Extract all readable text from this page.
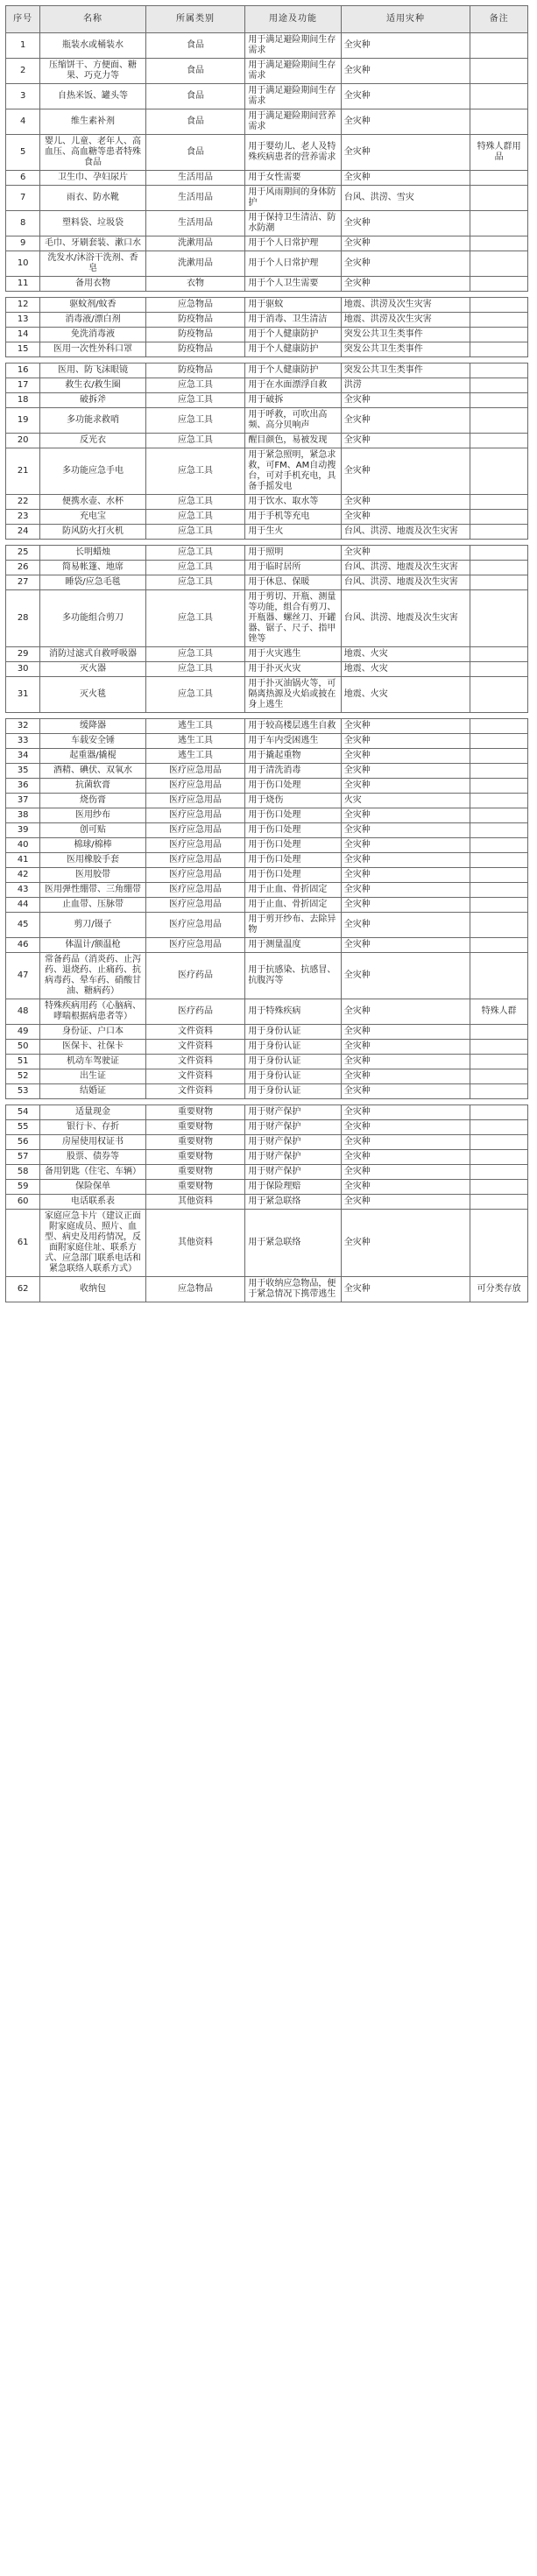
序号	名称	所属类别	用途及功能	适用灾种	备注
1	瓶装水或桶装水	食品	用于满足避险期间生存需求	全灾种	
2	压缩饼干、方便面、糖果、巧克力等	食品	用于满足避险期间生存需求	全灾种	
3	自热米饭、罐头等	食品	用于满足避险期间生存需求	全灾种	
4	维生素补剂	食品	用于满足避险期间营养需求	全灾种	
5	婴儿、儿童、老年人、高血压、高血糖等患者特殊食品	食品	用于婴幼儿、老人及特殊疾病患者的营养需求	全灾种	特殊人群用品
6	卫生巾、孕妇尿片	生活用品	用于女性需要	全灾种	
7	雨衣、防水靴	生活用品	用于风雨期间的身体防护	台风、洪涝、雪灾	
8	塑料袋、垃圾袋	生活用品	用于保持卫生清洁、防水防潮	全灾种	
9	毛巾、牙刷套装、漱口水	洗漱用品	用于个人日常护理	全灾种	
10	洗发水/沐浴干洗剂、香皂	洗漱用品	用于个人日常护理	全灾种	
11	备用衣物	衣物	用于个人卫生需要	全灾种	
12	驱蚊剂/蚊香	应急物品	用于驱蚊	地震、洪涝及次生灾害	
13	消毒液/漂白剂	防疫物品	用于消毒、卫生清洁	地震、洪涝及次生灾害	
14	免洗消毒液	防疫物品	用于个人健康防护	突发公共卫生类事件	
15	医用一次性外科口罩	防疫物品	用于个人健康防护	突发公共卫生类事件	
16	医用、防飞沫眼镜	防疫物品	用于个人健康防护	突发公共卫生类事件	
17	救生衣/救生圈	应急工具	用于在水面漂浮自救	洪涝	
18	破拆斧	应急工具	用于破拆	全灾种	
19	多功能求救哨	应急工具	用于呼救，可吹出高频、高分贝响声	全灾种	
20	反光衣	应急工具	醒目颜色，易被发现	全灾种	
21	多功能应急手电	应急工具	用于紧急照明，紧急求救，可FM、AM自动搜台，可对手机充电，具备手摇发电	全灾种	
22	便携水壶、水杯	应急工具	用于饮水、取水等	全灾种	
23	充电宝	应急工具	用于手机等充电	全灾种	
24	防风防火打火机	应急工具	用于生火	台风、洪涝、地震及次生灾害	
25	长明蜡烛	应急工具	用于照明	全灾种	
26	简易帐篷、地席	应急工具	用于临时居所	台风、洪涝、地震及次生灾害	
27	睡袋/应急毛毯	应急工具	用于休息、保暖	台风、洪涝、地震及次生灾害	
28	多功能组合剪刀	应急工具	用于剪切、开瓶、测量等功能，组合有剪刀、开瓶器、螺丝刀、开罐器、锯子、尺子、指甲锉等	台风、洪涝、地震及次生灾害	
29	消防过滤式自救呼吸器	应急工具	用于火灾逃生	地震、火灾	
30	灭火器	应急工具	用于扑灭火灾	地震、火灾	
31	灭火毯	应急工具	用于扑灭油锅火等，可隔离热源及火焰或披在身上逃生	地震、火灾	
32	缓降器	逃生工具	用于较高楼层逃生自救	全灾种	
33	车载安全锤	逃生工具	用于车内受困逃生	全灾种	
34	起重器/撬棍	逃生工具	用于撬起重物	全灾种	
35	酒精、碘伏、双氧水	医疗应急用品	用于清洗消毒	全灾种	
36	抗菌软膏	医疗应急用品	用于伤口处理	全灾种	
37	烧伤膏	医疗应急用品	用于烧伤	火灾	
38	医用纱布	医疗应急用品	用于伤口处理	全灾种	
39	创可贴	医疗应急用品	用于伤口处理	全灾种	
40	棉球/棉棒	医疗应急用品	用于伤口处理	全灾种	
41	医用橡胶手套	医疗应急用品	用于伤口处理	全灾种	
42	医用胶带	医疗应急用品	用于伤口处理	全灾种	
43	医用弹性绷带、三角绷带	医疗应急用品	用于止血、骨折固定	全灾种	
44	止血带、压脉带	医疗应急用品	用于止血、骨折固定	全灾种	
45	剪刀/镊子	医疗应急用品	用于剪开纱布、去除异物	全灾种	
46	体温计/额温枪	医疗应急用品	用于测量温度	全灾种	
47	常备药品（消炎药、止泻药、退烧药、止痛药、抗病毒药、晕车药、硝酸甘油、糖病药）	医疗药品	用于抗感染、抗感冒、抗腹泻等	全灾种	
48	特殊疾病用药（心脑病、哮喘根据病患者等）	医疗药品	用于特殊疾病	全灾种	特殊人群
49	身份证、户口本	文件资料	用于身份认证	全灾种	
50	医保卡、社保卡	文件资料	用于身份认证	全灾种	
51	机动车驾驶证	文件资料	用于身份认证	全灾种	
52	出生证	文件资料	用于身份认证	全灾种	
53	结婚证	文件资料	用于身份认证	全灾种	
54	适量现金	重要财物	用于财产保护	全灾种	
55	银行卡、存折	重要财物	用于财产保护	全灾种	
56	房屋使用权证书	重要财物	用于财产保护	全灾种	
57	股票、债券等	重要财物	用于财产保护	全灾种	
58	备用钥匙（住宅、车辆）	重要财物	用于财产保护	全灾种	
59	保险保单	重要财物	用于保险理赔	全灾种	
60	电话联系表	其他资料	用于紧急联络	全灾种	
61	家庭应急卡片（建议正面附家庭成员、照片、血型、病史及用药情况，反面附家庭住址、联系方式、应急部门联系电话和紧急联络人联系方式）	其他资料	用于紧急联络	全灾种	
62	收纳包	应急物品	用于收纳应急物品，便于紧急情况下携带逃生	全灾种	可分类存放
